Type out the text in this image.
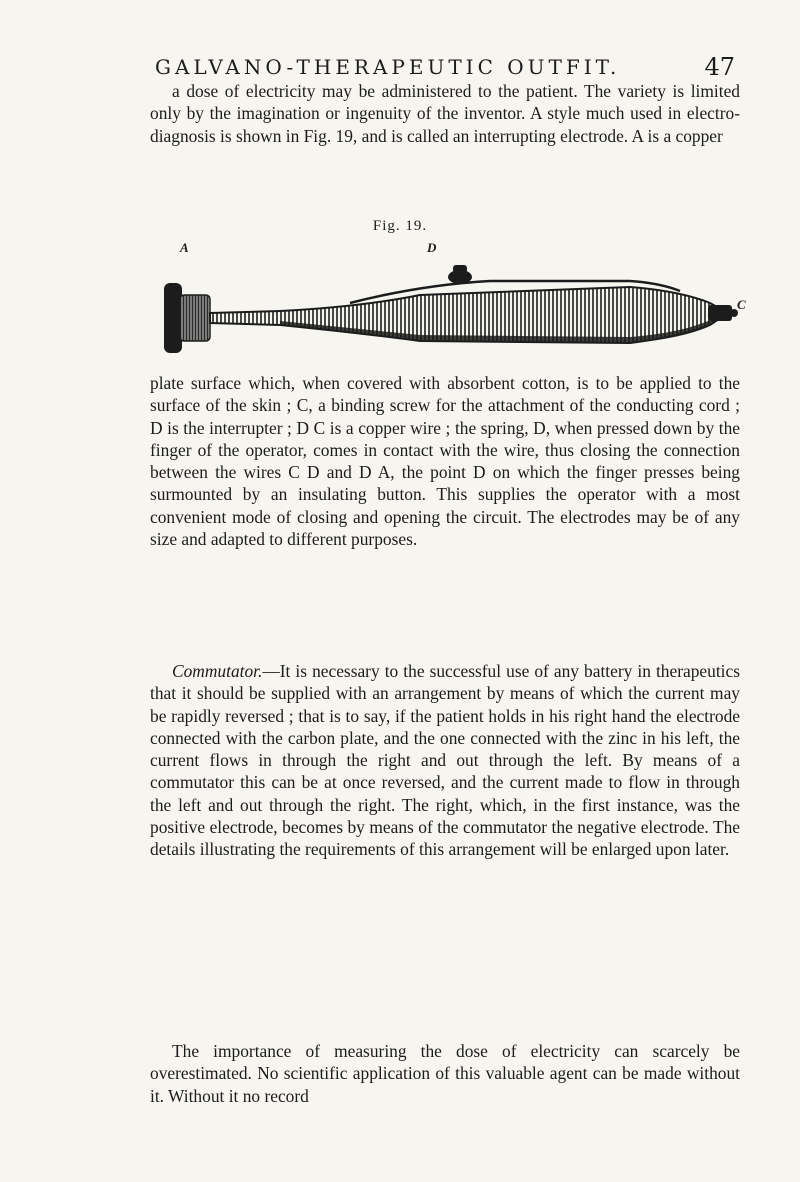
GALVANO-THERAPEUTIC OUTFIT.	47

a dose of electricity may be administered to the patient. The variety is limited only by the imagination or ingenuity of the inventor. A style much used in electro-diagnosis is shown in Fig. 19, and is called an interrupting electrode. A is a copper

Fig. 19.
A	D
C

plate surface which, when covered with absorbent cotton, is to be applied to the surface of the skin ; C, a binding screw for the attachment of the conducting cord ; D is the interrupter ; D C is a copper wire ; the spring, D, when pressed down by the finger of the operator, comes in contact with the wire, thus closing the connection between the wires C D and D A, the point D on which the finger presses being surmounted by an insulating button. This supplies the operator with a most convenient mode of closing and opening the circuit. The electrodes may be of any size and adapted to different purposes.

Commutator.—It is necessary to the successful use of any battery in therapeutics that it should be supplied with an arrangement by means of which the current may be rapidly reversed ; that is to say, if the patient holds in his right hand the electrode connected with the carbon plate, and the one connected with the zinc in his left, the current flows in through the right and out through the left. By means of a commutator this can be at once reversed, and the current made to flow in through the left and out through the right. The right, which, in the first instance, was the positive electrode, becomes by means of the commutator the negative electrode. The details illustrating the requirements of this arrangement will be enlarged upon later.

The importance of measuring the dose of electricity can scarcely be overestimated. No scientific application of this valuable agent can be made without it. Without it no record
